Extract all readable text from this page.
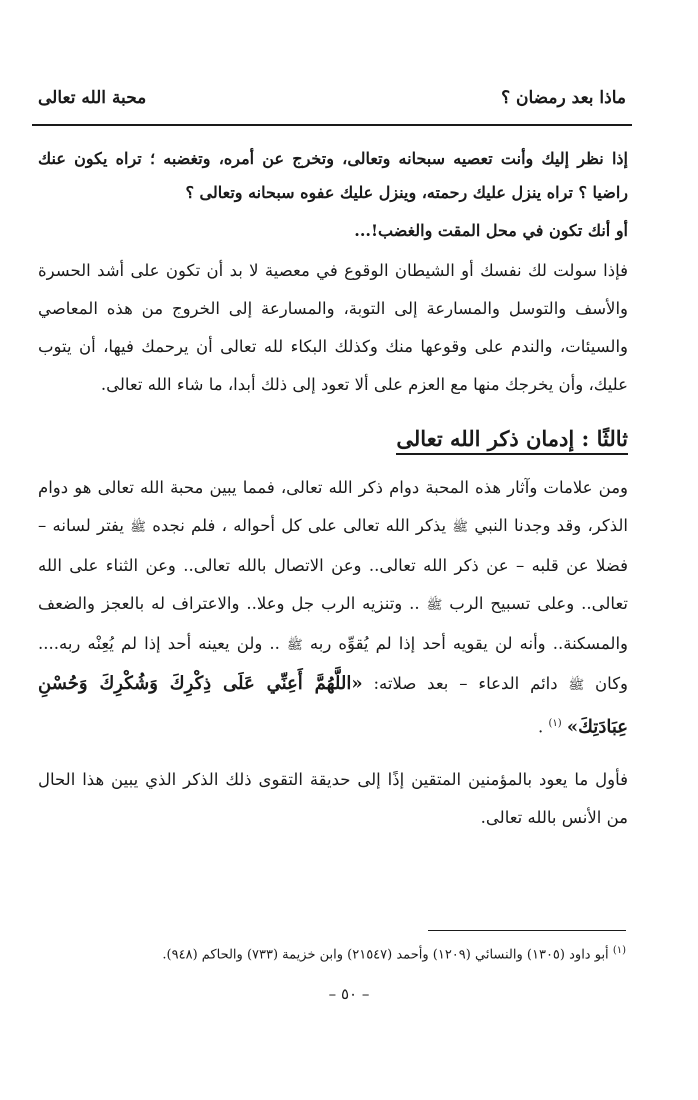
ماذا بعد رمضان ؟
محبة الله تعالى

إذا نظر إليك وأنت تعصيه سبحانه وتعالى، وتخرج عن أمره، وتغضبه ؛ تراه يكون عنك راضيا ؟ تراه ينزل عليك رحمته، وينزل عليك عفوه سبحانه وتعالى ؟

أو أنك تكون في محل المقت والغضب!...

فإذا سولت لك نفسك أو الشيطان الوقوع في معصية لا بد أن تكون على أشد الحسرة والأسف والتوسل والمسارعة إلى التوبة، والمسارعة إلى الخروج من هذه المعاصي والسيئات، والندم على وقوعها منك وكذلك البكاء لله تعالى أن يرحمك فيها، أن يتوب عليك، وأن يخرجك منها مع العزم على ألا تعود إلى ذلك أبدا، ما شاء الله تعالى.

ثالثًا : إدمان ذكر الله تعالى

ومن علامات وآثار هذه المحبة دوام ذكر الله تعالى، فمما يبين محبة الله تعالى هو دوام الذكر، وقد وجدنا النبي ﷺ يذكر الله تعالى على كل أحواله ، فلم نجده ﷺ يفتر لسانه – فضلا عن قلبه – عن ذكر الله تعالى.. وعن الاتصال بالله تعالى.. وعن الثناء على الله تعالى.. وعلى تسبيح الرب ﷺ .. وتنزيه الرب جل وعلا.. والاعتراف له بالعجز والضعف والمسكنة.. وأنه لن يقويه أحد إذا لم يُقوِّه ربه ﷺ .. ولن يعينه أحد إذا لم يُعِنْه ربه.... وكان ﷺ دائم الدعاء – بعد صلاته: «اللَّهُمَّ أَعِنِّي عَلَى ذِكْرِكَ وَشُكْرِكَ وَحُسْنِ عِبَادَتِكَ» $^{(١)}$ .

فأول ما يعود بالمؤمنين المتقين إذًا إلى حديقة التقوى ذلك الذكر الذي يبين هذا الحال من الأنس بالله تعالى.

$^{(١)}$ أبو داود (١٣٠٥) والنسائي (١٢٠٩) وأحمد (٢١٥٤٧) وابن خزيمة (٧٣٣) والحاكم (٩٤٨).
– ٥٠ –
